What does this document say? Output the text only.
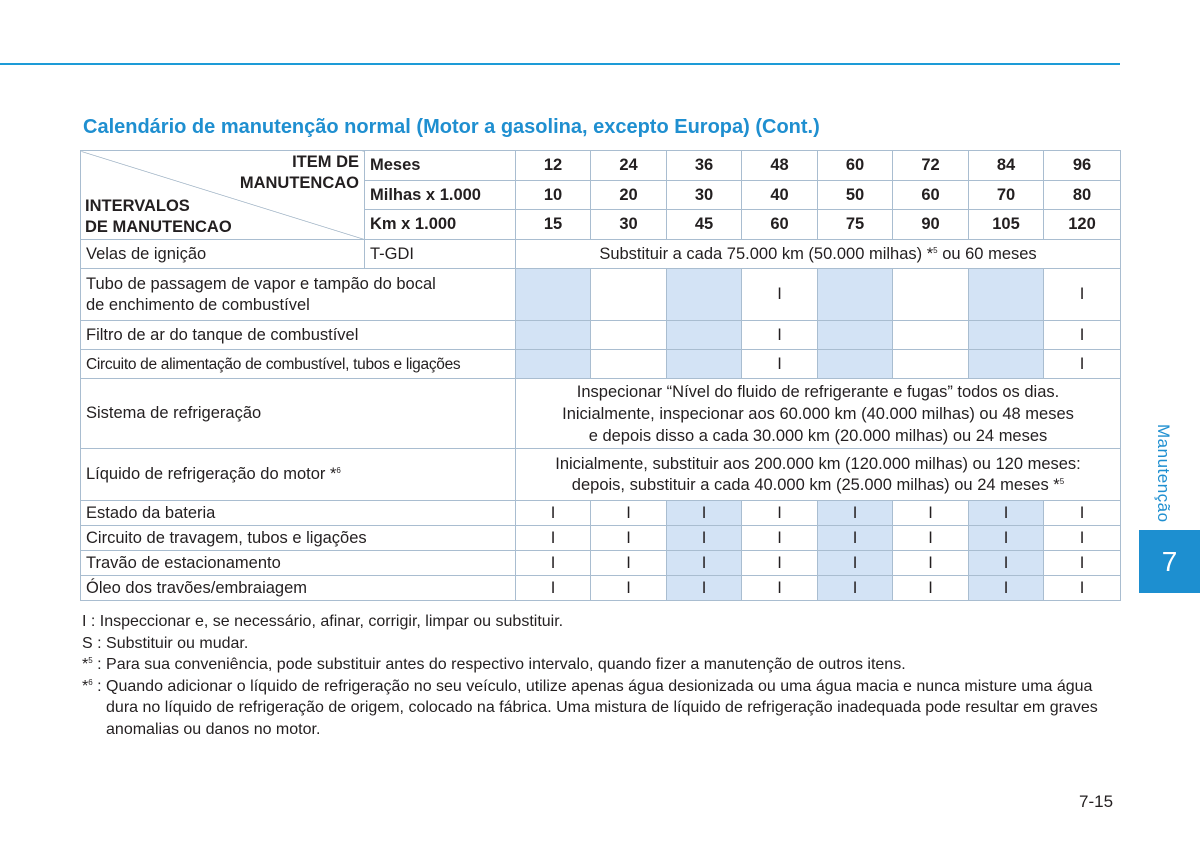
Calendário de manutenção normal (Motor a gasolina, excepto Europa) (Cont.)
ITEM DE
MANUTENCAO
INTERVALOS
DE MANUTENCAO	Meses	12	24	36	48	60	72	84	96
	Milhas x 1.000	10	20	30	40	50	60	70	80
	Km x 1.000	15	30	45	60	75	90	105	120
Velas de ignição	T-GDI	Substituir a cada 75.000 km (50.000 milhas) *$^5$ ou 60 meses							
Tubo de passagem de vapor e tampão do bocal
de enchimento de combustível					I				I
Filtro de ar do tanque de combustível					I				I
Circuito de alimentação de combustível, tubos e ligações					I				I
Sistema de refrigeração		Inspecionar “Nível do fluido de refrigerante e fugas” todos os dias.
Inicialmente, inspecionar aos 60.000 km (40.000 milhas) ou 48 meses
e depois disso a cada 30.000 km (20.000 milhas) ou 24 meses							
Líquido de refrigeração do motor *$^6$		Inicialmente, substituir aos 200.000 km (120.000 milhas) ou 120 meses:
depois, substituir a cada 40.000 km (25.000 milhas) ou 24 meses *$^5$
Estado da bateria		I	I	I	I	I	I	I	I
Circuito de travagem, tubos e ligações		I	I	I	I	I	I	I	I
Travão de estacionamento		I	I	I	I	I	I	I	I
Óleo dos travões/embraiagem		I	I	I	I	I	I	I	I
I : Inspeccionar e, se necessário, afinar, corrigir, limpar ou substituir.
S : Substituir ou mudar.
*$^5$ : Para sua conveniência, pode substituir antes do respectivo intervalo, quando fizer a manutenção de outros itens.
*$^6$ : Quando adicionar o líquido de refrigeração no seu veículo, utilize apenas água desionizada ou uma água macia e nunca misture uma água dura no líquido de refrigeração de origem, colocado na fábrica. Uma mistura de líquido de refrigeração inadequada pode resultar em graves anomalias ou danos no motor.
Manutenção
7
7-15
